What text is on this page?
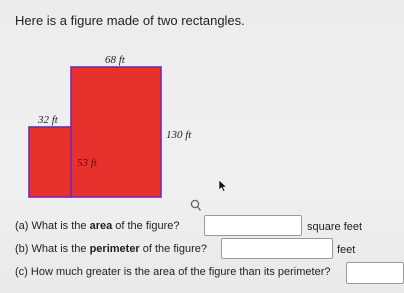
Here is a figure made of two rectangles.
68 ft
32 ft
130 ft
53 ft
(a) What is the area of the figure?	square feet
(b) What is the perimeter of the figure?	feet
(c) How much greater is the area of the figure than its perimeter?
